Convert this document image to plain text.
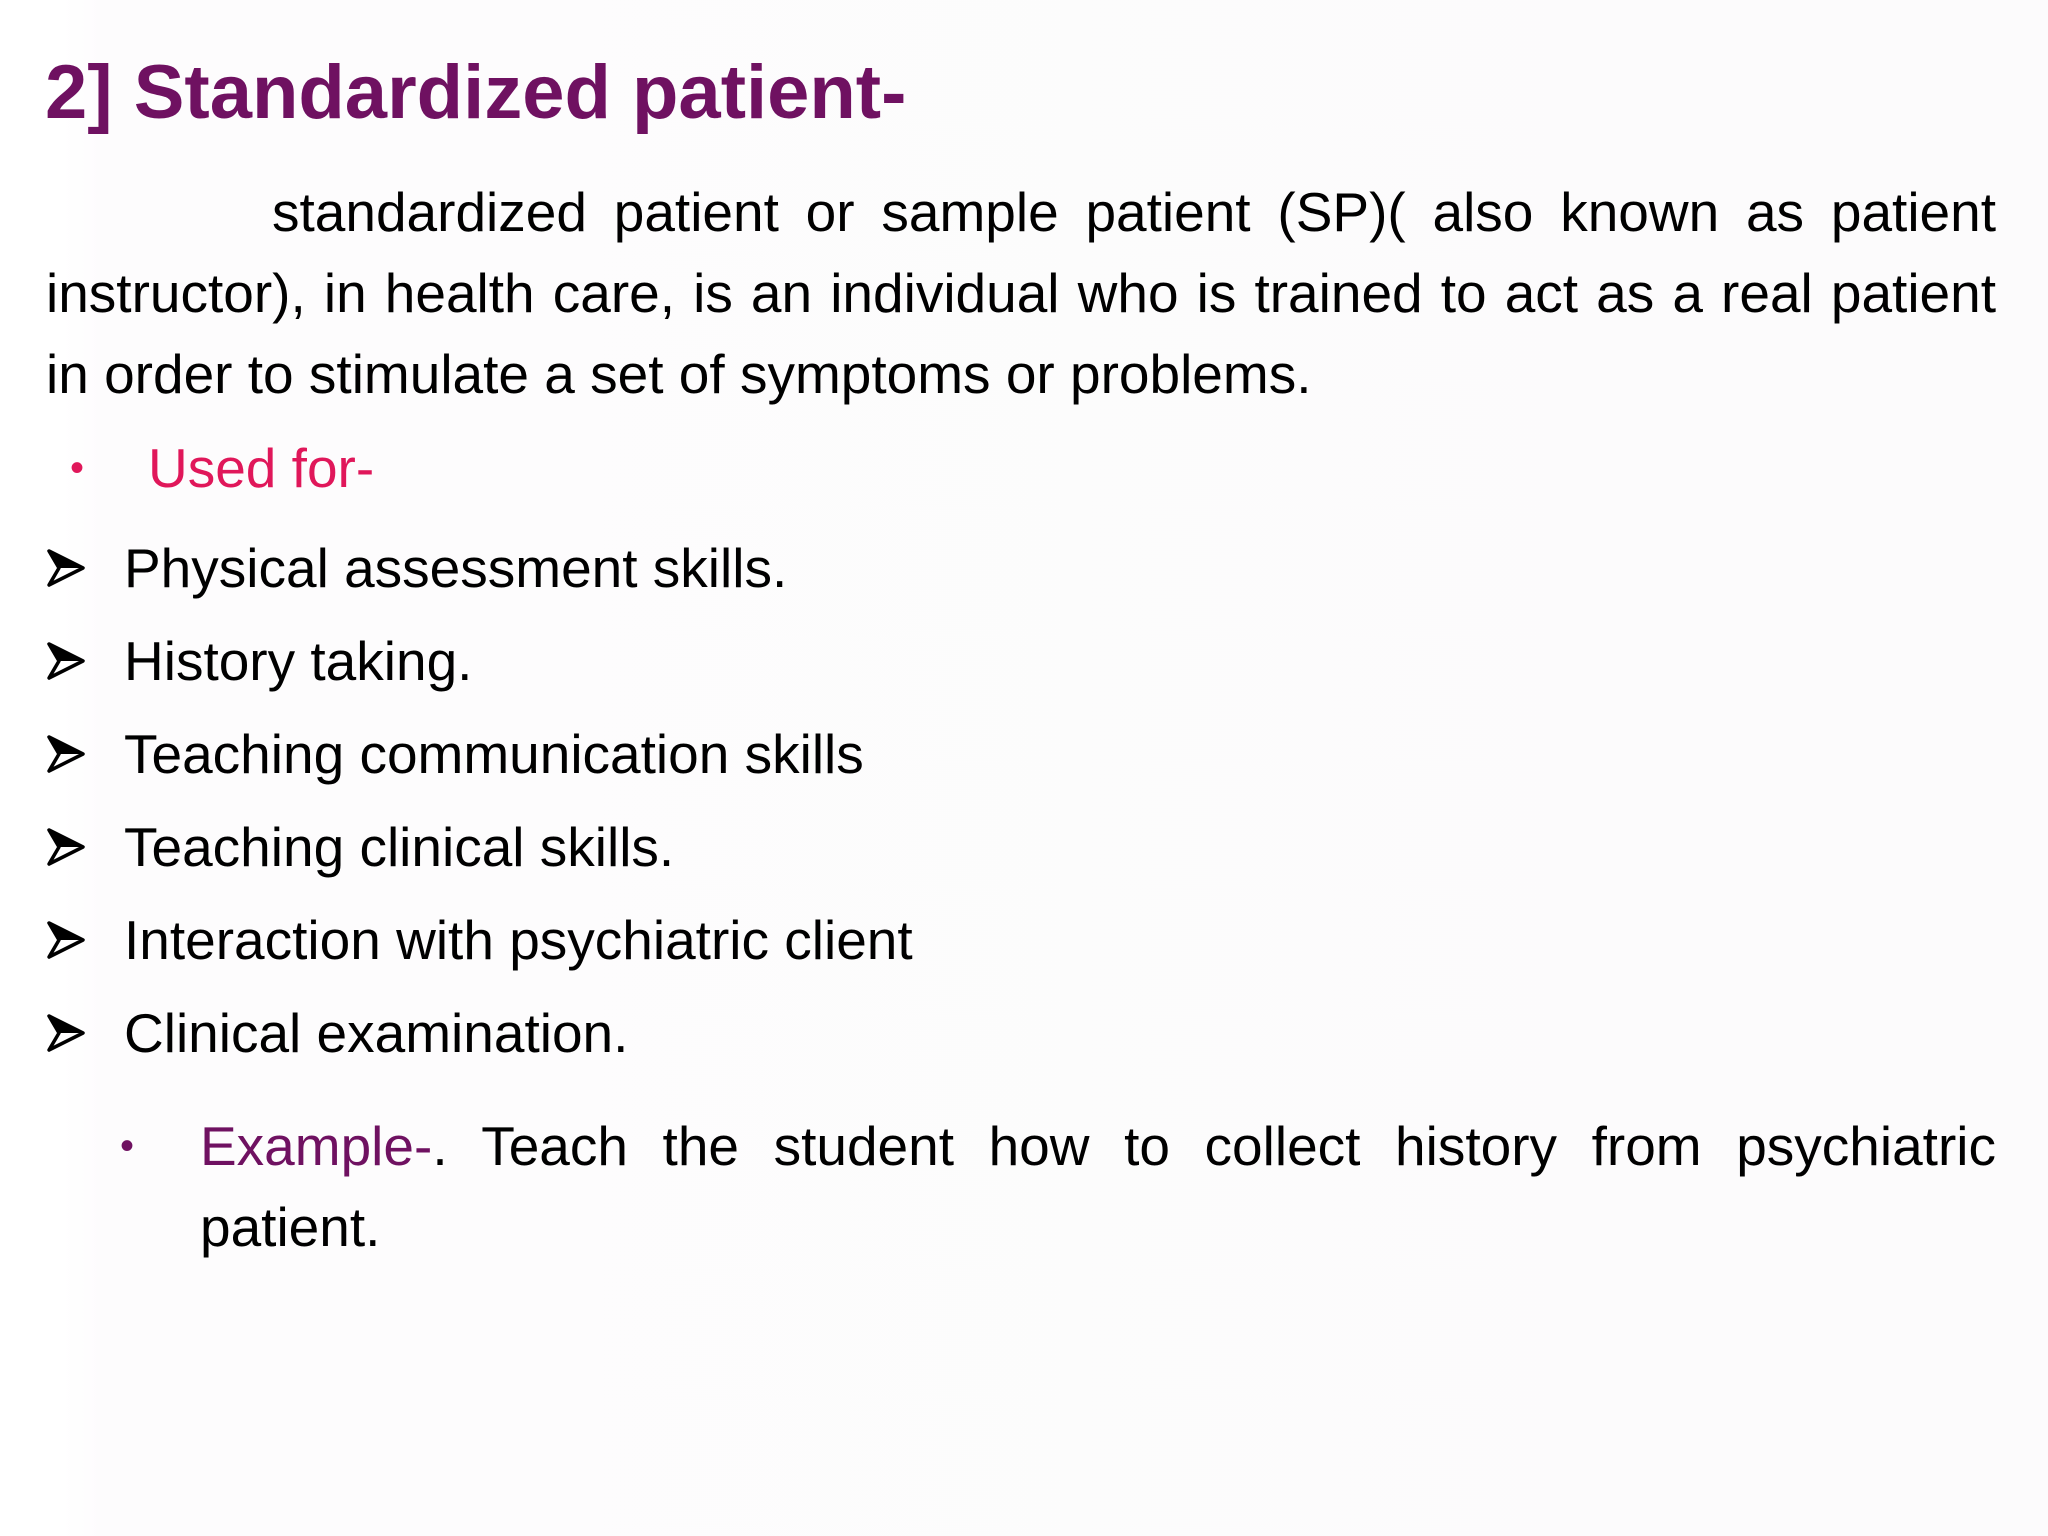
2] Standardized patient-

standardized patient or sample patient (SP)( also known as patient instructor), in health care, is an individual who is trained to act as a real patient in order to stimulate a set of symptoms or problems.

• Used for-
Physical assessment skills.
History taking.
Teaching communication skills
Teaching clinical skills.
Interaction with psychiatric client
Clinical examination.
• Example-. Teach the student how to collect history from psychiatric patient.
